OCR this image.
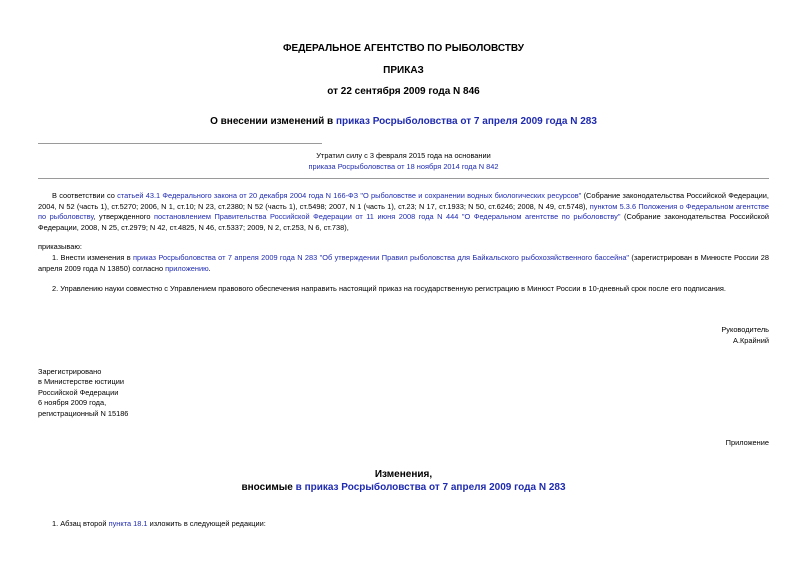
ФЕДЕРАЛЬНОЕ АГЕНТСТВО ПО РЫБОЛОВСТВУ
ПРИКАЗ
от 22 сентября 2009 года N 846
О внесении изменений в приказ Росрыболовства от 7 апреля 2009 года N 283
Утратил силу с 3 февраля 2015 года на основании
приказа Росрыболовства от 18 ноября 2014 года N 842
В соответствии со статьей 43.1 Федерального закона от 20 декабря 2004 года N 166-ФЗ "О рыболовстве и сохранении водных биологических ресурсов" (Собрание законодательства Российской Федерации, 2004, N 52 (часть 1), ст.5270; 2006, N 1, ст.10; N 23, ст.2380; N 52 (часть 1), ст.5498; 2007, N 1 (часть 1), ст.23; N 17, ст.1933; N 50, ст.6246; 2008, N 49, ст.5748), пунктом 5.3.6 Положения о Федеральном агентстве по рыболовству, утвержденного постановлением Правительства Российской Федерации от 11 июня 2008 года N 444 "О Федеральном агентстве по рыболовству" (Собрание законодательства Российской Федерации, 2008, N 25, ст.2979; N 42, ст.4825, N 46, ст.5337; 2009, N 2, ст.253, N 6, ст.738),
приказываю:
1. Внести изменения в приказ Росрыболовства от 7 апреля 2009 года N 283 "Об утверждении Правил рыболовства для Байкальского рыбохозяйственного бассейна" (зарегистрирован в Минюсте России 28 апреля 2009 года N 13850) согласно приложению.
2. Управлению науки совместно с Управлением правового обеспечения направить настоящий приказ на государственную регистрацию в Минюст России в 10-дневный срок после его подписания.
Руководитель
А.Крайний
Зарегистрировано
в Министерстве юстиции
Российской Федерации
6 ноября 2009 года,
регистрационный N 15186
Приложение
Изменения,
вносимые в приказ Росрыболовства от 7 апреля 2009 года N 283
1. Абзац второй пункта 18.1 изложить в следующей редакции:
